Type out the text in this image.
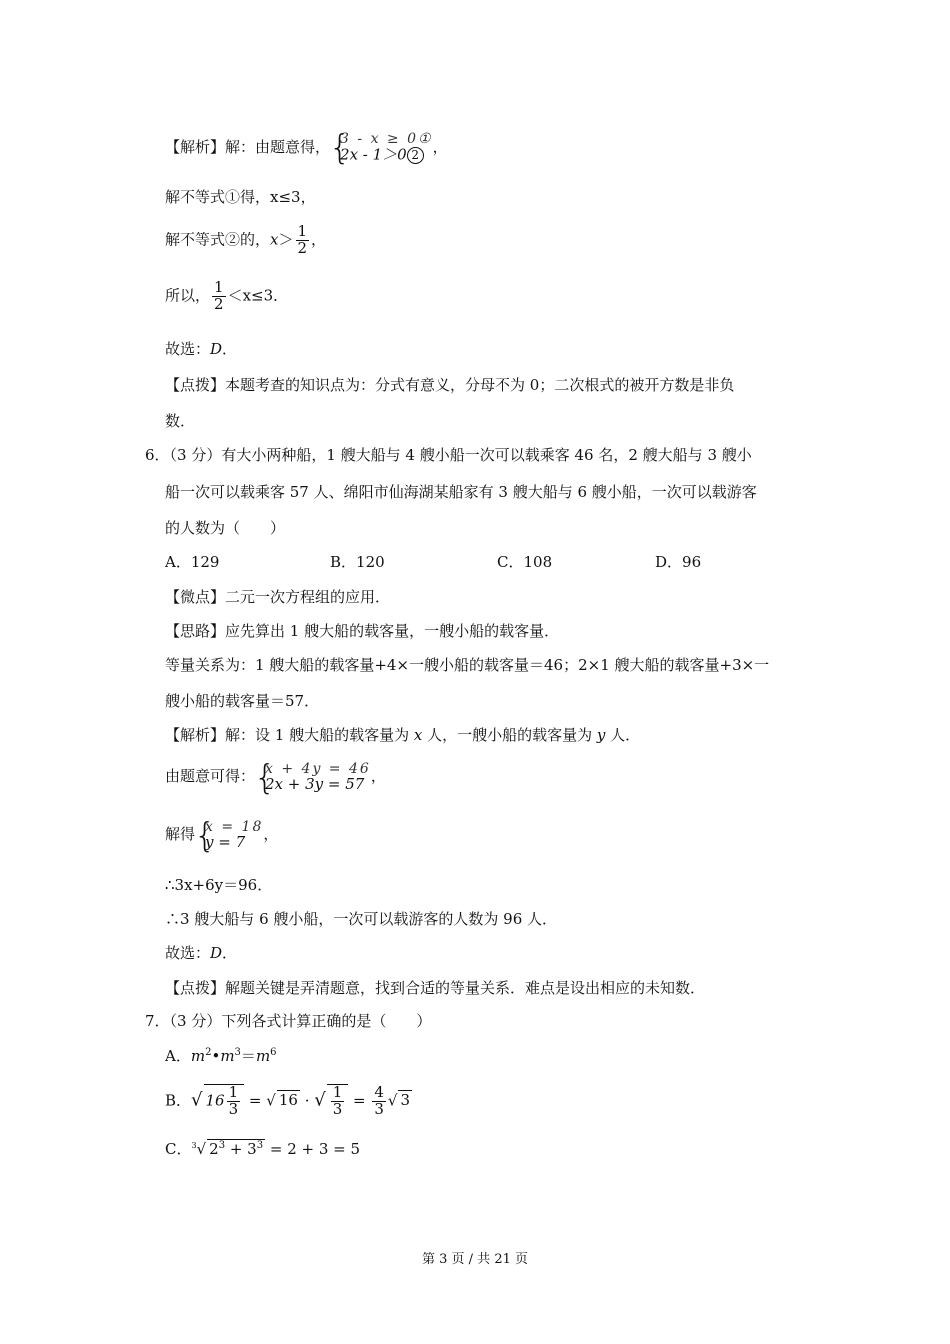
【解析】解：由题意得， { 3 - x ≥ 0①
2x - 1＞0 2 ，
解不等式①得，x≤3，
解不等式②的，$x> \frac{1}{2}$ ，
所以， $\frac{1}{2} <x\le 3$．
故选：D．
【点拨】本题考查的知识点为：分式有意义，分母不为 0；二次根式的被开方数是非负
数．
6．（3 分）有大小两种船，1 艘大船与 4 艘小船一次可以载乘客 46 名，2 艘大船与 3 艘小
船一次可以载乘客 57 人、绵阳市仙海湖某船家有 3 艘大船与 6 艘小船，一次可以载游客
的人数为（　　）
A．129	B．120	C．108	D．96
【微点】二元一次方程组的应用．
【思路】应先算出 1 艘大船的载客量，一艘小船的载客量．
等量关系为：1 艘大船的载客量+4×一艘小船的载客量＝46；2×1 艘大船的载客量+3×一
艘小船的载客量＝57．
【解析】解：设 1 艘大船的载客量为 x 人，一艘小船的载客量为 y 人．
由题意可得： { x + 4y = 46
2x + 3y = 57 ，
解得 { x = 18
y = 7	，
∴3x+6y＝96．
∴3 艘大船与 6 艘小船，一次可以载游客的人数为 96 人．
故选：D．
【点拨】解题关键是弄清题意，找到合适的等量关系．难点是设出相应的未知数．
7．（3 分）下列各式计算正确的是（　　）
A．$m^2•m^3=m^6$
B．√ $16 \frac{1}{3}$ = √ 16 · √ $\frac{1}{3} = \frac{4}{3}$ √ 3
C．$^3$√ $2^3 + 3^3 = 2 + 3 = 5$
第 3 页 / 共 21 页
